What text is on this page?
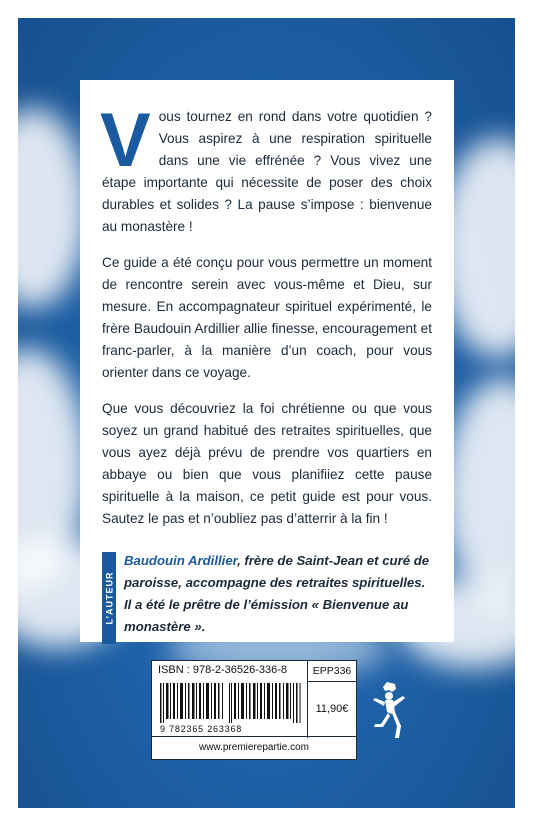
Vous tournez en rond dans votre quotidien ? Vous aspirez à une respiration spirituelle dans une vie effrénée ? Vous vivez une étape importante qui nécessite de poser des choix durables et solides ? La pause s’impose : bienvenue au monastère !

Ce guide a été conçu pour vous permettre un moment de rencontre serein avec vous-même et Dieu, sur mesure. En accompagnateur spirituel expérimenté, le frère Baudouin Ardillier allie finesse, encouragement et franc-parler, à la manière d’un coach, pour vous orienter dans ce voyage.

Que vous découvriez la foi chrétienne ou que vous soyez un grand habitué des retraites spirituelles, que vous ayez déjà prévu de prendre vos quartiers en abbaye ou bien que vous planifiiez cette pause spirituelle à la maison, ce petit guide est pour vous. Sautez le pas et n’oubliez pas d’atterrir à la fin !

L’AUTEUR
Baudouin Ardillier, frère de Saint-Jean et curé de paroisse, accompagne des retraites spirituelles. Il a été le prêtre de l’émission « Bienvenue au monastère ».
ISBN : 978-2-36526-336-8	EPP336
11,90€
9 782365 263368
www.premierepartie.com
